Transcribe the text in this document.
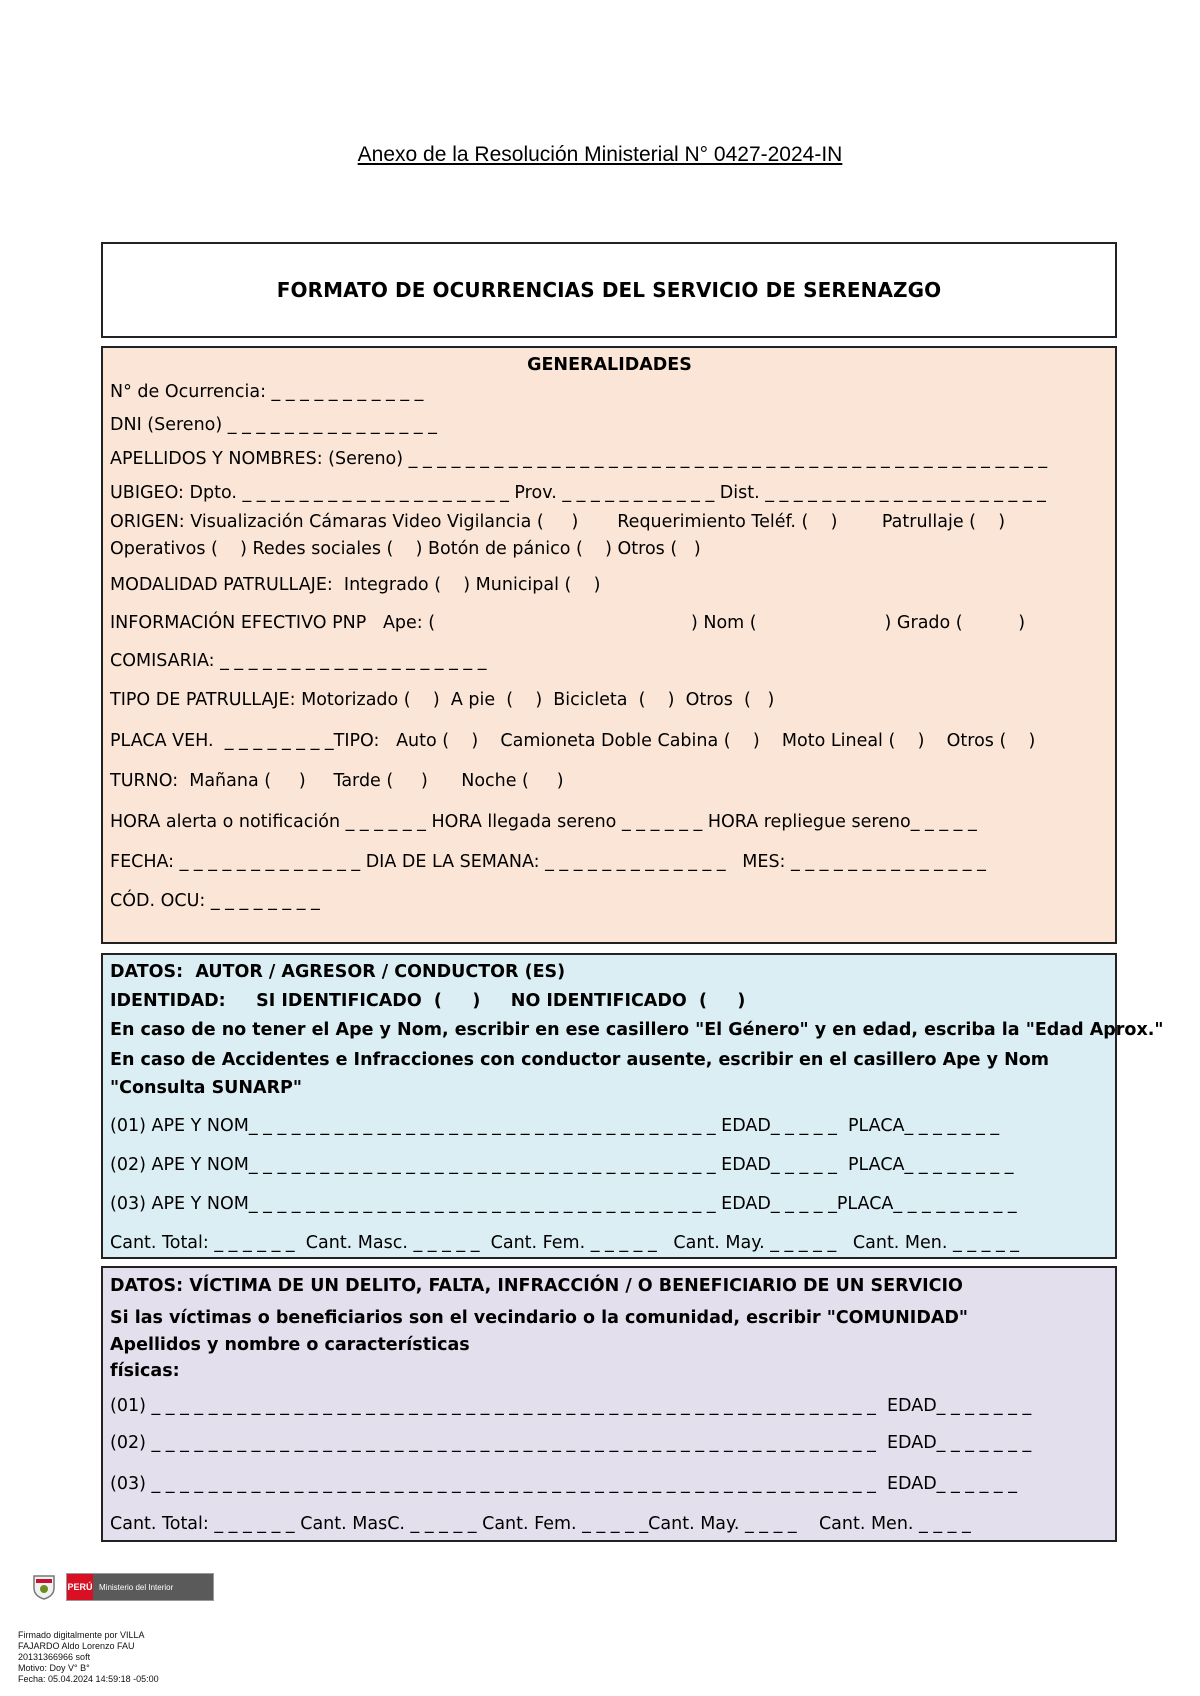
Anexo de la Resolución Ministerial N° 0427-2024-IN
FORMATO DE OCURRENCIAS DEL SERVICIO DE SERENAZGO
GENERALIDADES
N° de Ocurrencia: _ _ _ _ _ _ _ _ _ _ _
DNI (Sereno) _ _ _ _ _ _ _ _ _ _ _ _ _ _ _
APELLIDOS Y NOMBRES: (Sereno) _ _ _ _ _ _ _ _ _ _ _ _ _ _ _ _ _ _ _ _ _ _ _ _ _ _ _ _ _ _ _ _ _ _ _ _ _ _ _ _ _ _ _ _ _
UBIGEO: Dpto. _ _ _ _ _ _ _ _ _ _ _ _ _ _ _ _ _ _ _ Prov. _ _ _ _ _ _ _ _ _ _ _ Dist. _ _ _ _ _ _ _ _ _ _ _ _ _ _ _ _ _ _ _ _
ORIGEN: Visualización Cámaras Video Vigilancia (     )       Requerimiento Teléf. (    )        Patrullaje (    )
Operativos (    ) Redes sociales (    ) Botón de pánico (    ) Otros (   )
MODALIDAD PATRULLAJE:  Integrado (    ) Municipal (    )
INFORMACIÓN EFECTIVO PNP   Ape: (                                              ) Nom (                       ) Grado (          )
COMISARIA: _ _ _ _ _ _ _ _ _ _ _ _ _ _ _ _ _ _ _
TIPO DE PATRULLAJE: Motorizado (    )  A pie  (    )  Bicicleta  (    )  Otros  (   )
PLACA VEH.  _ _ _ _ _ _ _ _TIPO:   Auto (    )    Camioneta Doble Cabina (    )    Moto Lineal (    )    Otros (    )
TURNO:  Mañana (     )     Tarde (     )      Noche (     )
HORA alerta o notificación _ _ _ _ _ _ HORA llegada sereno _ _ _ _ _ _ HORA repliegue sereno_ _ _ _ _
FECHA: _ _ _ _ _ _ _ _ _ _ _ _ _ DIA DE LA SEMANA: _ _ _ _ _ _ _ _ _ _ _ _ _   MES: _ _ _ _ _ _ _ _ _ _ _ _ _ _
CÓD. OCU: _ _ _ _ _ _ _ _
DATOS:  AUTOR / AGRESOR / CONDUCTOR (ES)
IDENTIDAD:     SI IDENTIFICADO  (     )     NO IDENTIFICADO  (     )
En caso de no tener el Ape y Nom, escribir en ese casillero "El Género" y en edad, escriba la "Edad Aprox."
En caso de Accidentes e Infracciones con conductor ausente, escribir en el casillero Ape y Nom "Consulta SUNARP"
(01) APE Y NOM_ _ _ _ _ _ _ _ _ _ _ _ _ _ _ _ _ _ _ _ _ _ _ _ _ _ _ _ _ _ _ _ _ EDAD_ _ _ _ _  PLACA_ _ _ _ _ _ _
(02) APE Y NOM_ _ _ _ _ _ _ _ _ _ _ _ _ _ _ _ _ _ _ _ _ _ _ _ _ _ _ _ _ _ _ _ _ EDAD_ _ _ _ _  PLACA_ _ _ _ _ _ _ _
(03) APE Y NOM_ _ _ _ _ _ _ _ _ _ _ _ _ _ _ _ _ _ _ _ _ _ _ _ _ _ _ _ _ _ _ _ _ EDAD_ _ _ _ _PLACA_ _ _ _ _ _ _ _ _
Cant. Total: _ _ _ _ _ _  Cant. Masc. _ _ _ _ _  Cant. Fem. _ _ _ _ _   Cant. May. _ _ _ _ _   Cant. Men. _ _ _ _ _
DATOS: VÍCTIMA DE UN DELITO, FALTA, INFRACCIÓN / O BENEFICIARIO DE UN SERVICIO
Si las víctimas o beneficiarios son el vecindario o la comunidad, escribir "COMUNIDAD"
Apellidos y nombre o características
físicas:
(01) _ _ _ _ _ _ _ _ _ _ _ _ _ _ _ _ _ _ _ _ _ _ _ _ _ _ _ _ _ _ _ _ _ _ _ _ _ _ _ _ _ _ _ _ _ _ _ _ _ _ _  EDAD_ _ _ _ _ _ _
(02) _ _ _ _ _ _ _ _ _ _ _ _ _ _ _ _ _ _ _ _ _ _ _ _ _ _ _ _ _ _ _ _ _ _ _ _ _ _ _ _ _ _ _ _ _ _ _ _ _ _ _  EDAD_ _ _ _ _ _ _
(03) _ _ _ _ _ _ _ _ _ _ _ _ _ _ _ _ _ _ _ _ _ _ _ _ _ _ _ _ _ _ _ _ _ _ _ _ _ _ _ _ _ _ _ _ _ _ _ _ _ _ _  EDAD_ _ _ _ _ _
Cant. Total: _ _ _ _ _ _ Cant. MasC. _ _ _ _ _ Cant. Fem. _ _ _ _ _Cant. May. _ _ _ _    Cant. Men. _ _ _ _
PERÚ Ministerio del Interior
Firmado digitalmente por VILLA
FAJARDO Aldo Lorenzo FAU
20131366966 soft
Motivo: Doy V° B°
Fecha: 05.04.2024 14:59:18 -05:00
